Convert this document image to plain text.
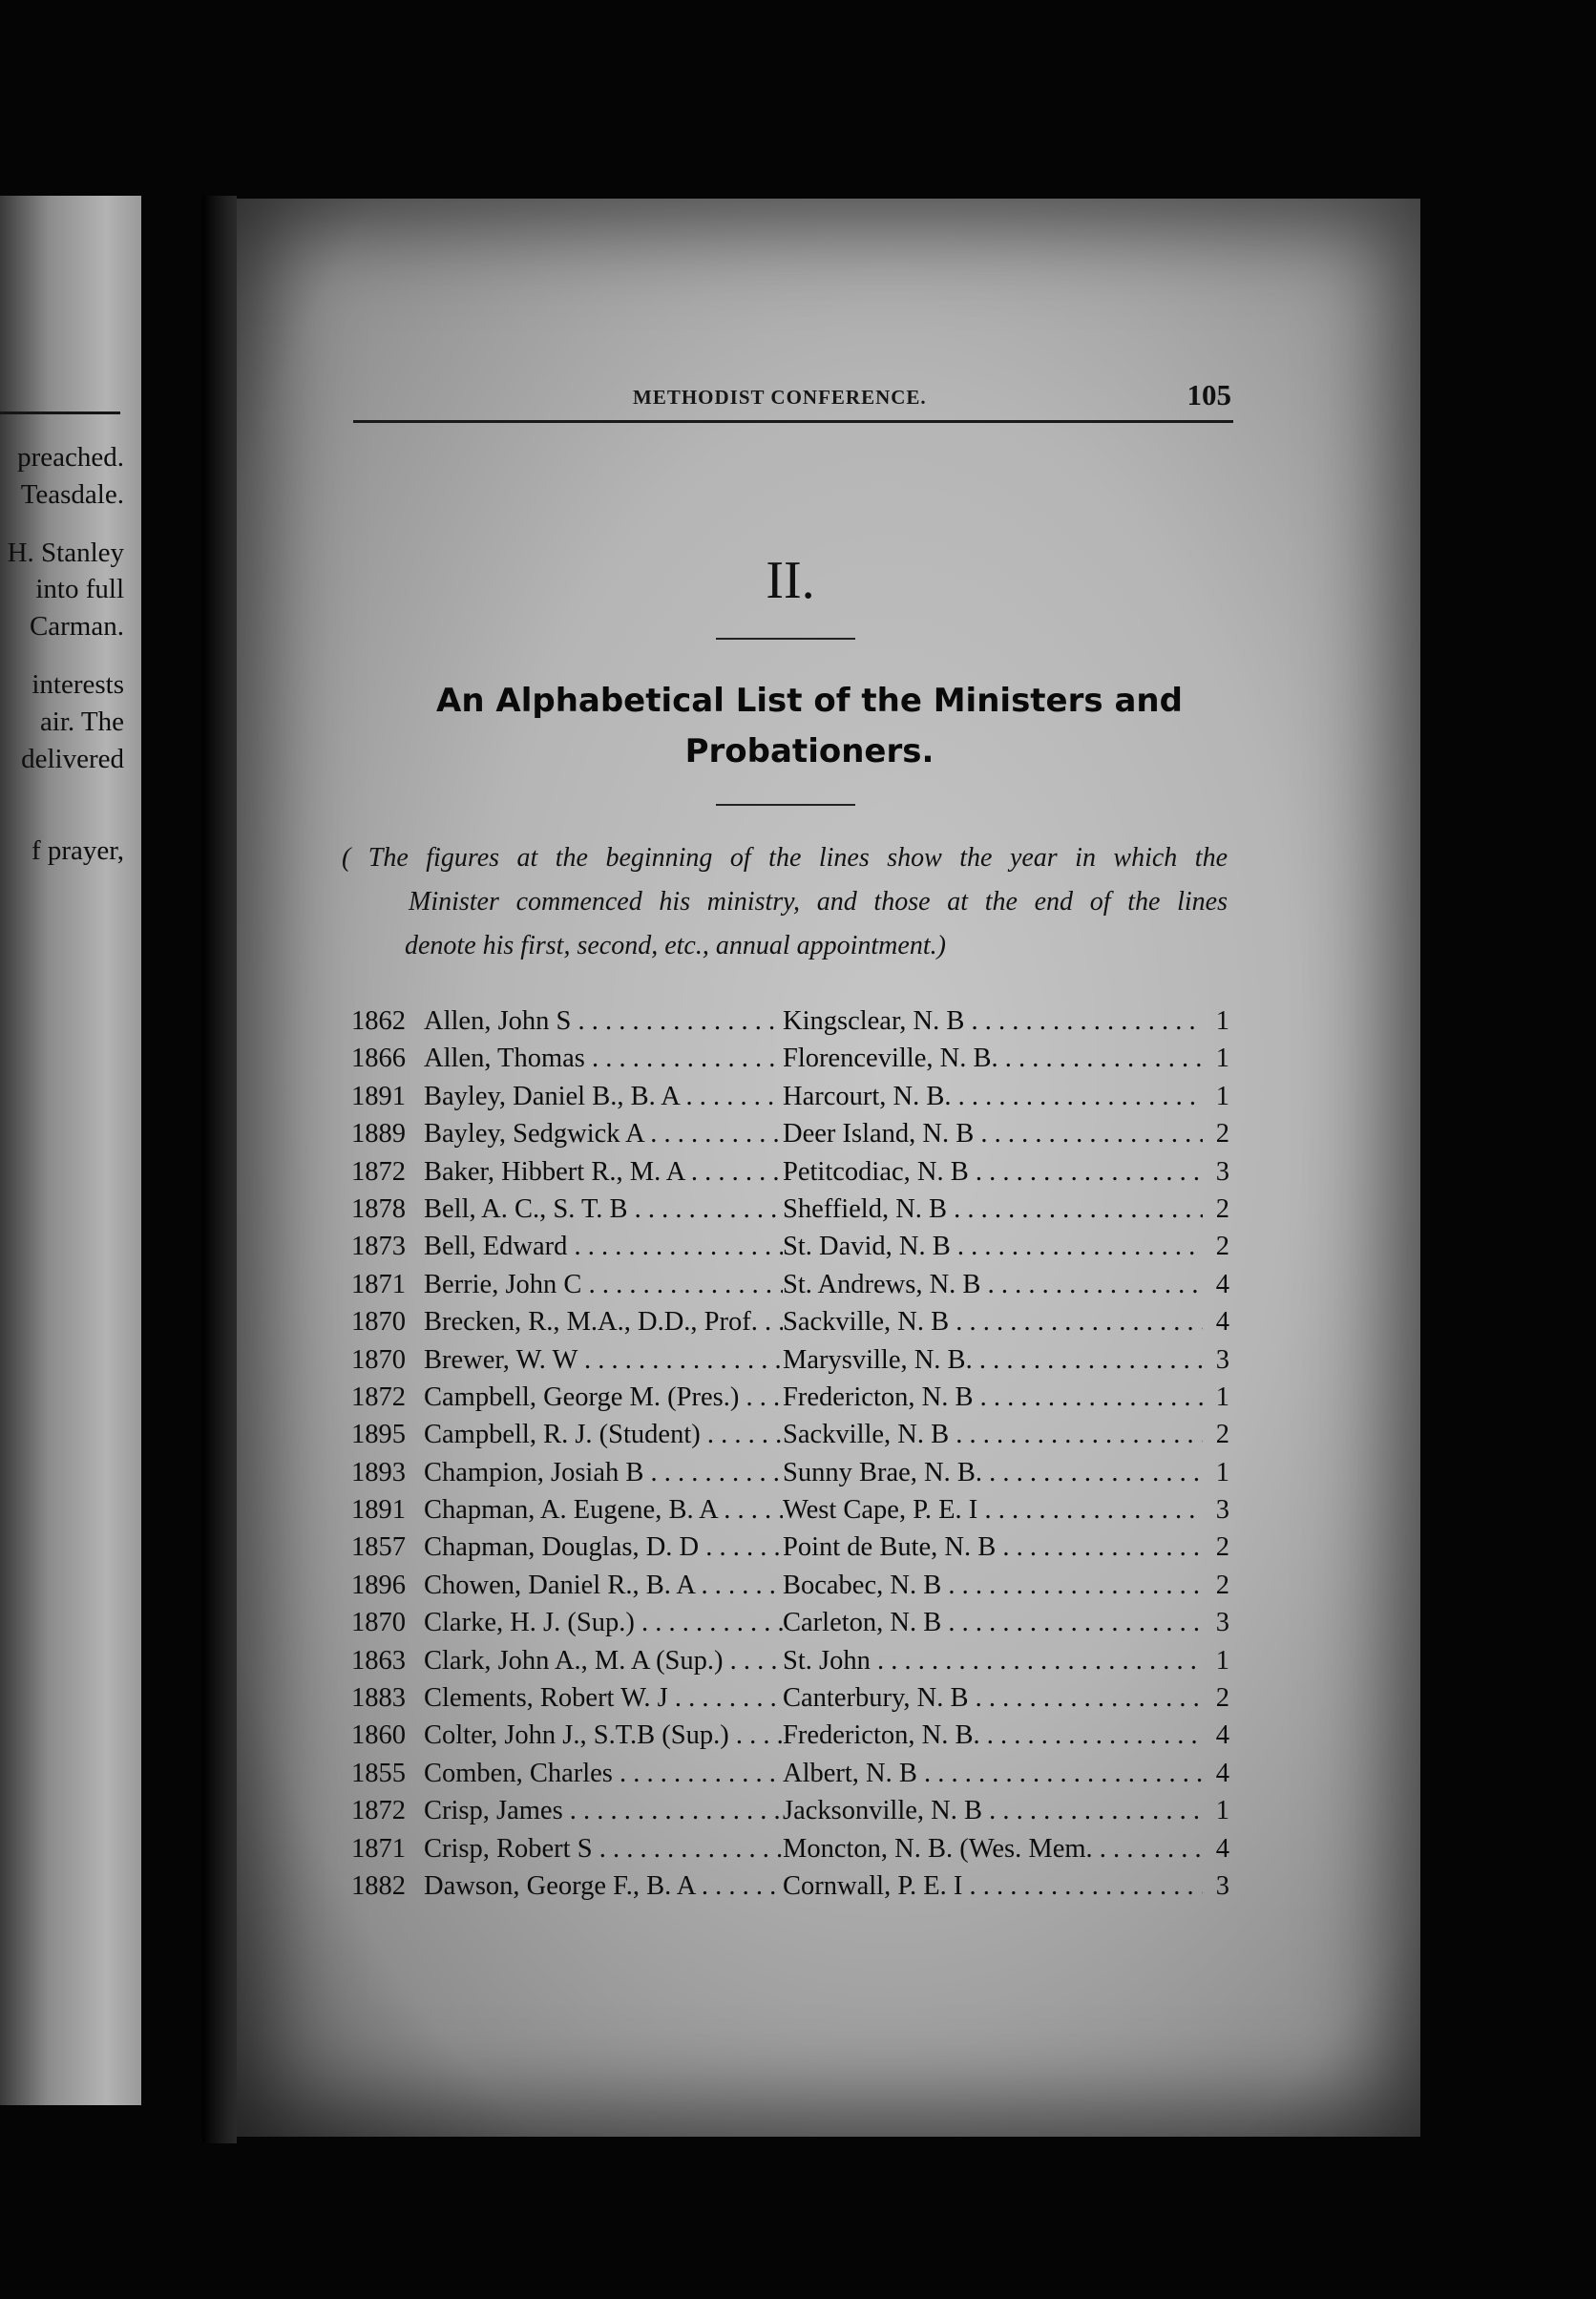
preached.
Teasdale.
H. Stanley
into full
Carman.
interests
air. The
delivered
f prayer,
METHODIST CONFERENCE.	105
II.
An Alphabetical List of the Ministers and
Probationers.
( The figures at the beginning of the lines show the year in which the
Minister commenced his ministry, and those at the end of the lines
denote his first, second, etc., annual appointment.)
1862 Allen, John S . . .	Kingsclear, N. B . . .	1
1866 Allen, Thomas . . .	Florenceville, N. B. . . .	1
1891 Bayley, Daniel B., B. A . . .	Harcourt, N. B. . . .	1
1889 Bayley, Sedgwick A . . .	Deer Island, N. B . . .	2
1872 Baker, Hibbert R., M. A . . .	Petitcodiac, N. B . . .	3
1878 Bell, A. C., S. T. B . . .	Sheffield, N. B . . .	2
1873 Bell, Edward . . .	St. David, N. B . . .	2
1871 Berrie, John C . . .	St. Andrews, N. B . . .	4
1870 Brecken, R., M.A., D.D., Prof. . . . Sackville, N. B . . .	4
1870 Brewer, W. W . . .	Marysville, N. B. . . .	3
1872 Campbell, George M. (Pres.) . . .	Fredericton, N. B . . .	1
1895 Campbell, R. J. (Student) . . .	Sackville, N. B . . .	2
1893 Champion, Josiah B . . .	Sunny Brae, N. B. . . .	1
1891 Chapman, A. Eugene, B. A . . .	West Cape, P. E. I . . .	3
1857 Chapman, Douglas, D. D . . .	Point de Bute, N. B . . .	2
1896 Chowen, Daniel R., B. A . . .	Bocabec, N. B . . .	2
1870 Clarke, H. J. (Sup.) . . .	Carleton, N. B . . .	3
1863 Clark, John A., M. A (Sup.) . . .	St. John . . .	1
1883 Clements, Robert W. J . . .	Canterbury, N. B . . .	2
1860 Colter, John J., S.T.B (Sup.) . . .	Fredericton, N. B. . . .	4
1855 Comben, Charles . . .	Albert, N. B . . .	4
1872 Crisp, James . . .	Jacksonville, N. B . . .	1
1871 Crisp, Robert S . . .	Moncton, N. B. (Wes. Mem. . . .	4
1882 Dawson, George F., B. A . . .	Cornwall, P. E. I . . .	3
